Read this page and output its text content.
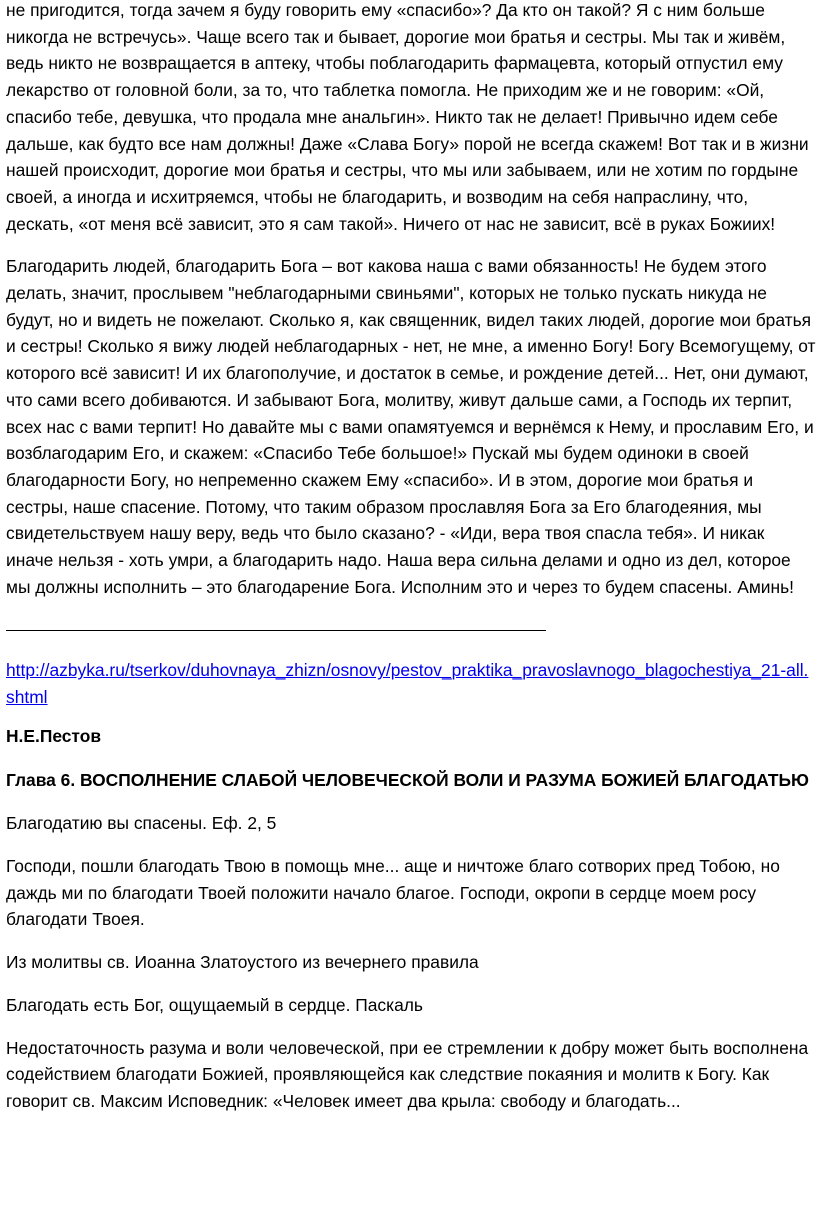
не пригодится, тогда зачем я буду говорить ему «спасибо»? Да кто он такой? Я с ним больше никогда не встречусь». Чаще всего так и бывает, дорогие мои братья и сестры. Мы так и живём, ведь никто не возвращается в аптеку, чтобы поблагодарить фармацевта, который отпустил ему лекарство от головной боли, за то, что таблетка помогла. Не приходим же и не говорим: «Ой, спасибо тебе, девушка, что продала мне анальгин». Никто так не делает! Привычно идем себе дальше, как будто все нам должны! Даже «Слава Богу» порой не всегда скажем! Вот так и в жизни нашей происходит, дорогие мои братья и сестры, что мы или забываем, или не хотим по гордыне своей, а иногда и исхитряемся, чтобы не благодарить, и возводим на себя напраслину, что, дескать, «от меня всё зависит, это я сам такой». Ничего от нас не зависит, всё в руках Божиих!

Благодарить людей, благодарить Бога – вот какова наша с вами обязанность! Не будем этого делать, значит, прослывем "неблагодарными свиньями", которых не только пускать никуда не будут, но и видеть не пожелают. Сколько я, как священник, видел таких людей, дорогие мои братья и сестры! Сколько я вижу людей неблагодарных - нет, не мне, а именно Богу! Богу Всемогущему, от которого всё зависит! И их благополучие, и достаток в семье, и рождение детей... Нет, они думают, что сами всего добиваются. И забывают Бога, молитву, живут дальше сами, а Господь их терпит, всех нас с вами терпит! Но давайте мы с вами опамятуемся и вернёмся к Нему, и прославим Его, и возблагодарим Его, и скажем: «Спасибо Тебе большое!» Пускай мы будем одиноки в своей благодарности Богу, но непременно скажем Ему «спасибо». И в этом, дорогие мои братья и сестры, наше спасение. Потому, что таким образом прославляя Бога за Его благодеяния, мы свидетельствуем нашу веру, ведь что было сказано? - «Иди, вера твоя спасла тебя». И никак иначе нельзя - хоть умри, а благодарить надо. Наша вера сильна делами и одно из дел, которое мы должны исполнить – это благодарение Бога. Исполним это и через то будем спасены. Аминь!

http://azbyka.ru/tserkov/duhovnaya_zhizn/osnovy/pestov_praktika_pravoslavnogo_blagochestiya_21-all.shtml

Н.Е.Пестов

Глава 6. ВОСПОЛНЕНИЕ СЛАБОЙ ЧЕЛОВЕЧЕСКОЙ ВОЛИ И РАЗУМА БОЖИЕЙ БЛАГОДАТЬЮ

Благодатию вы спасены. Еф. 2, 5

Господи, пошли благодать Твою в помощь мне... аще и ничтоже благо сотворих пред Тобою, но даждь ми по благодати Твоей положити начало благое. Господи, окропи в сердце моем росу благодати Твоея.

Из молитвы св. Иоанна Златоустого из вечернего правила

Благодать есть Бог, ощущаемый в сердце. Паскаль

Недостаточность разума и воли человеческой, при ее стремлении к добру может быть восполнена содействием благодати Божией, проявляющейся как следствие покаяния и молитв к Богу. Как говорит св. Максим Исповедник: «Человек имеет два крыла: свободу и благодать...
